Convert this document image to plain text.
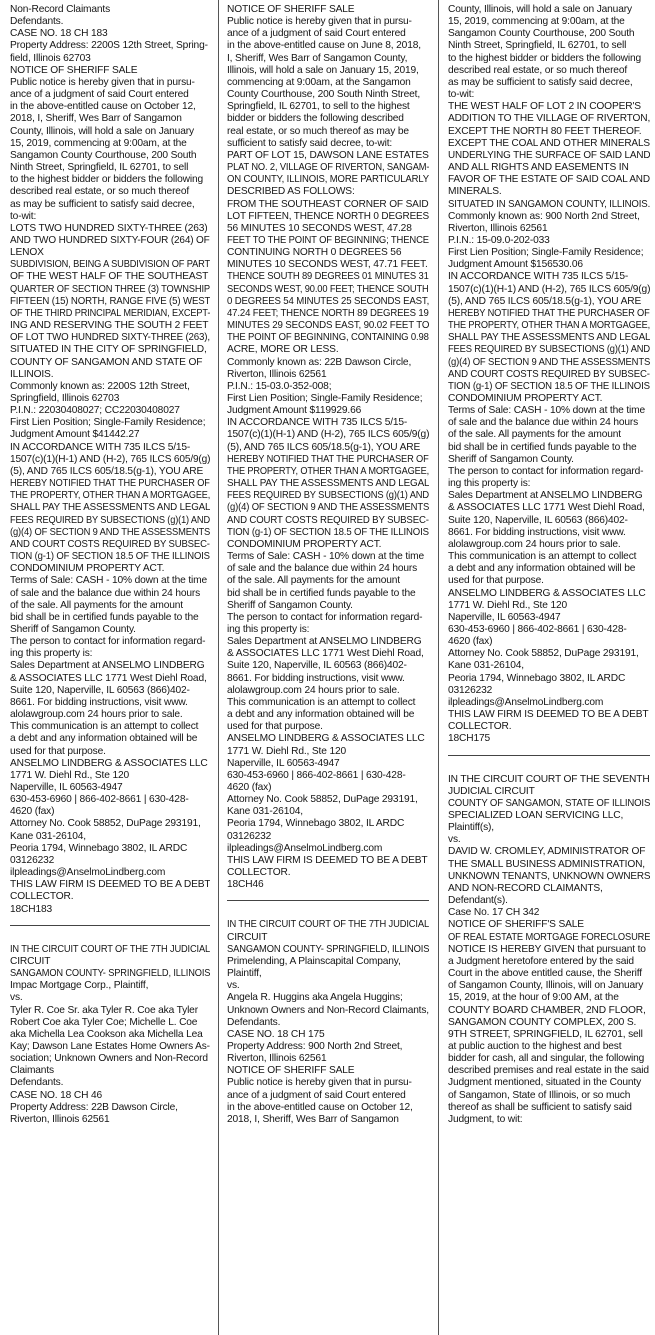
Non-Record Claimants
Defendants.
CASE NO. 18 CH 183
Property Address: 2200S 12th Street, Spring-
field, Illinois 62703
NOTICE OF SHERIFF SALE
Public notice is hereby given that in pursu-
ance of a judgment of said Court entered
in the above-entitled cause on October 12,
2018, I, Sheriff, Wes Barr of Sangamon
County, Illinois, will hold a sale on January
15, 2019, commencing at 9:00am, at the
Sangamon County Courthouse, 200 South
Ninth Street, Springfield, IL 62701, to sell
to the highest bidder or bidders the following
described real estate, or so much thereof
as may be sufficient to satisfy said decree,
to-wit:
LOTS TWO HUNDRED SIXTY-THREE (263)
AND TWO HUNDRED SIXTY-FOUR (264) OF
LENOX
SUBDIVISION, BEING A SUBDIVISION OF PART
OF THE WEST HALF OF THE SOUTHEAST
QUARTER OF SECTION THREE (3) TOWNSHIP
FIFTEEN (15) NORTH, RANGE FIVE (5) WEST
OF THE THIRD PRINCIPAL MERIDIAN, EXCEPT-
ING AND RESERVING THE SOUTH 2 FEET
OF LOT TWO HUNDRED SIXTY-THREE (263),
SITUATED IN THE CITY OF SPRINGFIELD,
COUNTY OF SANGAMON AND STATE OF
ILLINOIS.
Commonly known as: 2200S 12th Street,
Springfield, Illinois 62703
P.I.N.: 22030408027; CC22030408027
First Lien Position; Single-Family Residence;
Judgment Amount $41442.27
IN ACCORDANCE WITH 735 ILCS 5/15-
1507(c)(1)(H-1) AND (H-2), 765 ILCS 605/9(g)
(5), AND 765 ILCS 605/18.5(g-1), YOU ARE
HEREBY NOTIFIED THAT THE PURCHASER OF
THE PROPERTY, OTHER THAN A MORTGAGEE,
SHALL PAY THE ASSESSMENTS AND LEGAL
FEES REQUIRED BY SUBSECTIONS (g)(1) AND
(g)(4) OF SECTION 9 AND THE ASSESSMENTS
AND COURT COSTS REQUIRED BY SUBSEC-
TION (g-1) OF SECTION 18.5 OF THE ILLINOIS
CONDOMINIUM PROPERTY ACT.
Terms of Sale: CASH - 10% down at the time
of sale and the balance due within 24 hours
of the sale. All payments for the amount
bid shall be in certified funds payable to the
Sheriff of Sangamon County.
The person to contact for information regard-
ing this property is:
Sales Department at ANSELMO LINDBERG
& ASSOCIATES LLC 1771 West Diehl Road,
Suite 120, Naperville, IL 60563 (866)402-
8661. For bidding instructions, visit www.
alolawgroup.com 24 hours prior to sale.
This communication is an attempt to collect
a debt and any information obtained will be
used for that purpose.
ANSELMO LINDBERG & ASSOCIATES LLC
1771 W. Diehl Rd., Ste 120
Naperville, IL 60563-4947
630-453-6960 | 866-402-8661 | 630-428-
4620 (fax)
Attorney No. Cook 58852, DuPage 293191,
Kane 031-26104,
Peoria 1794, Winnebago 3802, IL ARDC
03126232
ilpleadings@AnselmoLindberg.com
THIS LAW FIRM IS DEEMED TO BE A DEBT
COLLECTOR.
18CH183
IN THE CIRCUIT COURT OF THE 7TH JUDICIAL
CIRCUIT
SANGAMON COUNTY- SPRINGFIELD, ILLINOIS
Impac Mortgage Corp., Plaintiff,
vs.
Tyler R. Coe Sr. aka Tyler R. Coe aka Tyler
Robert Coe aka Tyler Coe; Michelle L. Coe
aka Michella Lea Cookson aka Michella Lea
Kay; Dawson Lane Estates Home Owners As-
sociation; Unknown Owners and Non-Record
Claimants
Defendants.
CASE NO. 18 CH 46
Property Address: 22B Dawson Circle,
Riverton, Illinois 62561
NOTICE OF SHERIFF SALE
Public notice is hereby given that in pursu-
ance of a judgment of said Court entered
in the above-entitled cause on June 8, 2018,
I, Sheriff, Wes Barr of Sangamon County,
Illinois, will hold a sale on January 15, 2019,
commencing at 9:00am, at the Sangamon
County Courthouse, 200 South Ninth Street,
Springfield, IL 62701, to sell to the highest
bidder or bidders the following described
real estate, or so much thereof as may be
sufficient to satisfy said decree, to-wit:
PART OF LOT 15, DAWSON LANE ESTATES
PLAT NO. 2, VILLAGE OF RIVERTON, SANGAM-
ON COUNTY, ILLINOIS, MORE PARTICULARLY
DESCRIBED AS FOLLOWS:
FROM THE SOUTHEAST CORNER OF SAID
LOT FIFTEEN, THENCE NORTH 0 DEGREES
56 MINUTES 10 SECONDS WEST, 47.28
FEET TO THE POINT OF BEGINNING; THENCE
CONTINUING NORTH 0 DEGREES 56
MINUTES 10 SECONDS WEST, 47.71 FEET.
THENCE SOUTH 89 DEGREES 01 MINUTES 31
SECONDS WEST, 90.00 FEET; THENCE SOUTH
0 DEGREES 54 MINUTES 25 SECONDS EAST,
47.24 FEET; THENCE NORTH 89 DEGREES 19
MINUTES 29 SECONDS EAST, 90.02 FEET TO
THE POINT OF BEGINNING, CONTAINING 0.98
ACRE, MORE OR LESS.
Commonly known as: 22B Dawson Circle,
Riverton, Illinois 62561
P.I.N.: 15-03.0-352-008;
First Lien Position; Single-Family Residence;
Judgment Amount $119929.66
IN ACCORDANCE WITH 735 ILCS 5/15-
1507(c)(1)(H-1) AND (H-2), 765 ILCS 605/9(g)
(5), AND 765 ILCS 605/18.5(g-1), YOU ARE
HEREBY NOTIFIED THAT THE PURCHASER OF
THE PROPERTY, OTHER THAN A MORTGAGEE,
SHALL PAY THE ASSESSMENTS AND LEGAL
FEES REQUIRED BY SUBSECTIONS (g)(1) AND
(g)(4) OF SECTION 9 AND THE ASSESSMENTS
AND COURT COSTS REQUIRED BY SUBSEC-
TION (g-1) OF SECTION 18.5 OF THE ILLINOIS
CONDOMINIUM PROPERTY ACT.
Terms of Sale: CASH - 10% down at the time
of sale and the balance due within 24 hours
of the sale. All payments for the amount
bid shall be in certified funds payable to the
Sheriff of Sangamon County.
The person to contact for information regard-
ing this property is:
Sales Department at ANSELMO LINDBERG
& ASSOCIATES LLC 1771 West Diehl Road,
Suite 120, Naperville, IL 60563 (866)402-
8661. For bidding instructions, visit www.
alolawgroup.com 24 hours prior to sale.
This communication is an attempt to collect
a debt and any information obtained will be
used for that purpose.
ANSELMO LINDBERG & ASSOCIATES LLC
1771 W. Diehl Rd., Ste 120
Naperville, IL 60563-4947
630-453-6960 | 866-402-8661 | 630-428-
4620 (fax)
Attorney No. Cook 58852, DuPage 293191,
Kane 031-26104,
Peoria 1794, Winnebago 3802, IL ARDC
03126232
ilpleadings@AnselmoLindberg.com
THIS LAW FIRM IS DEEMED TO BE A DEBT
COLLECTOR.
18CH46
IN THE CIRCUIT COURT OF THE 7TH JUDICIAL
CIRCUIT
SANGAMON COUNTY- SPRINGFIELD, ILLINOIS
Primelending, A Plainscapital Company,
Plaintiff,
vs.
Angela R. Huggins aka Angela Huggins;
Unknown Owners and Non-Record Claimants,
Defendants.
CASE NO. 18 CH 175
Property Address: 900 North 2nd Street,
Riverton, Illinois 62561
NOTICE OF SHERIFF SALE
Public notice is hereby given that in pursu-
ance of a judgment of said Court entered
in the above-entitled cause on October 12,
2018, I, Sheriff, Wes Barr of Sangamon
County, Illinois, will hold a sale on January
15, 2019, commencing at 9:00am, at the
Sangamon County Courthouse, 200 South
Ninth Street, Springfield, IL 62701, to sell
to the highest bidder or bidders the following
described real estate, or so much thereof
as may be sufficient to satisfy said decree,
to-wit:
THE WEST HALF OF LOT 2 IN COOPER'S
ADDITION TO THE VILLAGE OF RIVERTON,
EXCEPT THE NORTH 80 FEET THEREOF.
EXCEPT THE COAL AND OTHER MINERALS
UNDERLYING THE SURFACE OF SAID LAND
AND ALL RIGHTS AND EASEMENTS IN
FAVOR OF THE ESTATE OF SAID COAL AND
MINERALS.
SITUATED IN SANGAMON COUNTY, ILLINOIS.
Commonly known as: 900 North 2nd Street,
Riverton, Illinois 62561
P.I.N.: 15-09.0-202-033
First Lien Position; Single-Family Residence;
Judgment Amount $156530.06
IN ACCORDANCE WITH 735 ILCS 5/15-
1507(c)(1)(H-1) AND (H-2), 765 ILCS 605/9(g)
(5), AND 765 ILCS 605/18.5(g-1), YOU ARE
HEREBY NOTIFIED THAT THE PURCHASER OF
THE PROPERTY, OTHER THAN A MORTGAGEE,
SHALL PAY THE ASSESSMENTS AND LEGAL
FEES REQUIRED BY SUBSECTIONS (g)(1) AND
(g)(4) OF SECTION 9 AND THE ASSESSMENTS
AND COURT COSTS REQUIRED BY SUBSEC-
TION (g-1) OF SECTION 18.5 OF THE ILLINOIS
CONDOMINIUM PROPERTY ACT.
Terms of Sale: CASH - 10% down at the time
of sale and the balance due within 24 hours
of the sale. All payments for the amount
bid shall be in certified funds payable to the
Sheriff of Sangamon County.
The person to contact for information regard-
ing this property is:
Sales Department at ANSELMO LINDBERG
& ASSOCIATES LLC 1771 West Diehl Road,
Suite 120, Naperville, IL 60563 (866)402-
8661. For bidding instructions, visit www.
alolawgroup.com 24 hours prior to sale.
This communication is an attempt to collect
a debt and any information obtained will be
used for that purpose.
ANSELMO LINDBERG & ASSOCIATES LLC
1771 W. Diehl Rd., Ste 120
Naperville, IL 60563-4947
630-453-6960 | 866-402-8661 | 630-428-
4620 (fax)
Attorney No. Cook 58852, DuPage 293191,
Kane 031-26104,
Peoria 1794, Winnebago 3802, IL ARDC
03126232
ilpleadings@AnselmoLindberg.com
THIS LAW FIRM IS DEEMED TO BE A DEBT
COLLECTOR.
18CH175
IN THE CIRCUIT COURT OF THE SEVENTH
JUDICIAL CIRCUIT
COUNTY OF SANGAMON, STATE OF ILLINOIS
SPECIALIZED LOAN SERVICING LLC,
Plaintiff(s),
vs.
DAVID W. CROMLEY, ADMINISTRATOR OF
THE SMALL BUSINESS ADMINISTRATION,
UNKNOWN TENANTS, UNKNOWN OWNERS
AND NON-RECORD CLAIMANTS,
Defendant(s).
Case No. 17 CH 342
NOTICE OF SHERIFF'S SALE
OF REAL ESTATE MORTGAGE FORECLOSURE
NOTICE IS HEREBY GIVEN that pursuant to
a Judgment heretofore entered by the said
Court in the above entitled cause, the Sheriff
of Sangamon County, Illinois, will on January
15, 2019, at the hour of 9:00 AM, at the
COUNTY BOARD CHAMBER, 2ND FLOOR,
SANGAMON COUNTY COMPLEX, 200 S.
9TH STREET, SPRINGFIELD, IL 62701, sell
at public auction to the highest and best
bidder for cash, all and singular, the following
described premises and real estate in the said
Judgment mentioned, situated in the County
of Sangamon, State of Illinois, or so much
thereof as shall be sufficient to satisfy said
Judgment, to wit:
